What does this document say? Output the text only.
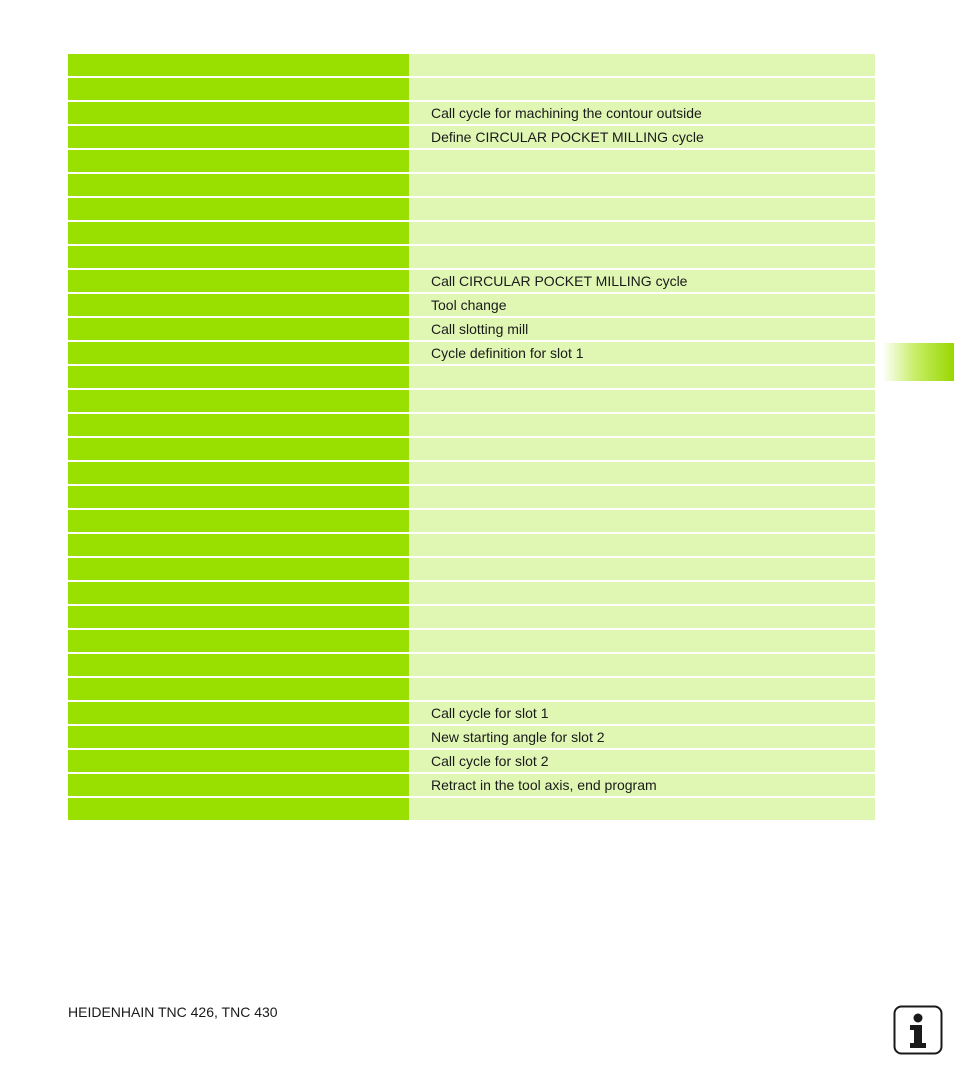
Call cycle for machining the contour outside
Define CIRCULAR POCKET MILLING cycle
Call CIRCULAR POCKET MILLING cycle
Tool change
Call slotting mill
Cycle definition for slot 1
Call cycle for slot 1
New starting angle for slot 2
Call cycle for slot 2
Retract in the tool axis, end program
HEIDENHAIN TNC 426, TNC 430
